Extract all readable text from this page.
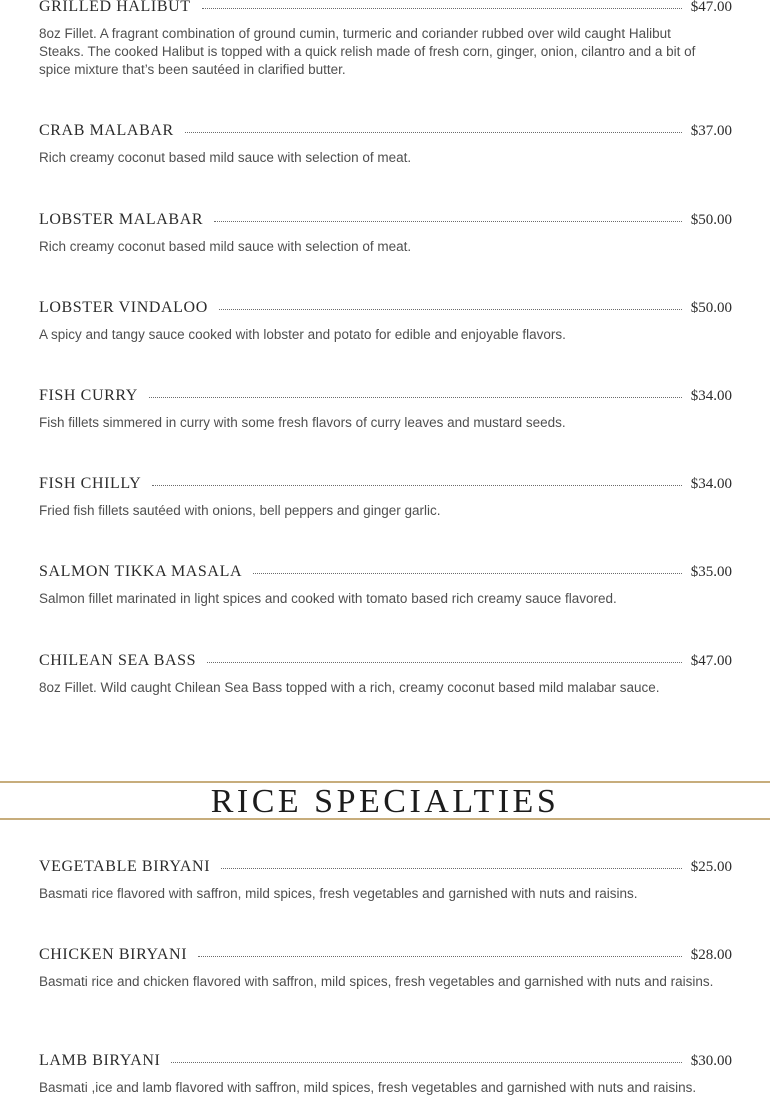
GRILLED HALIBUT	$47.00
8oz Fillet. A fragrant combination of ground cumin, turmeric and coriander rubbed over wild caught Halibut Steaks. The cooked Halibut is topped with a quick relish made of fresh corn, ginger, onion, cilantro and a bit of spice mixture that’s been sautéed in clarified butter.
CRAB MALABAR	$37.00
Rich creamy coconut based mild sauce with selection of meat.
LOBSTER MALABAR	$50.00
Rich creamy coconut based mild sauce with selection of meat.
LOBSTER VINDALOO	$50.00
A spicy and tangy sauce cooked with lobster and potato for edible and enjoyable flavors.
FISH CURRY	$34.00
Fish fillets simmered in curry with some fresh flavors of curry leaves and mustard seeds.
FISH CHILLY	$34.00
Fried fish fillets sautéed with onions, bell peppers and ginger garlic.
SALMON TIKKA MASALA	$35.00
Salmon fillet marinated in light spices and cooked with tomato based rich creamy sauce flavored.
CHILEAN SEA BASS	$47.00
8oz Fillet. Wild caught Chilean Sea Bass topped with a rich, creamy coconut based mild malabar sauce.
RICE SPECIALTIES
VEGETABLE BIRYANI	$25.00
Basmati rice flavored with saffron, mild spices, fresh vegetables and garnished with nuts and raisins.
CHICKEN BIRYANI	$28.00
Basmati rice and chicken flavored with saffron, mild spices, fresh vegetables and garnished with nuts and raisins.
LAMB BIRYANI	$30.00
Basmati ,ice and lamb flavored with saffron, mild spices, fresh vegetables and garnished with nuts and raisins.
